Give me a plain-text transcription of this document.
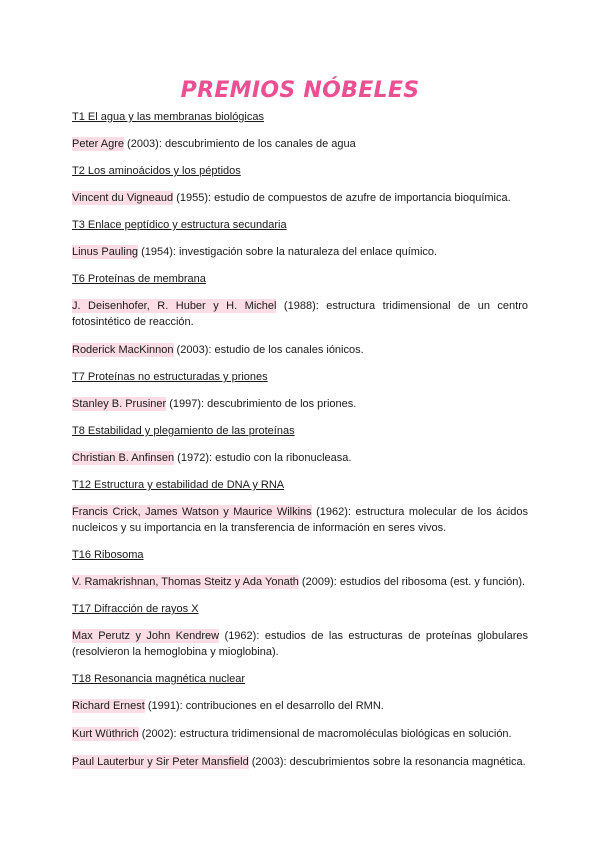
PREMIOS NÓBELES
T1 El agua y las membranas biológicas

Peter Agre (2003): descubrimiento de los canales de agua

T2 Los aminoácidos y los péptidos

Vincent du Vigneaud (1955): estudio de compuestos de azufre de importancia bioquímica.

T3 Enlace peptídico y estructura secundaria

Linus Pauling (1954): investigación sobre la naturaleza del enlace químico.

T6 Proteínas de membrana

J. Deisenhofer, R. Huber y H. Michel (1988): estructura tridimensional de un centro fotosintético de reacción.

Roderick MacKinnon (2003): estudio de los canales iónicos.

T7 Proteínas no estructuradas y priones

Stanley B. Prusiner (1997): descubrimiento de los priones.

T8 Estabilidad y plegamiento de las proteínas

Christian B. Anfinsen (1972): estudio con la ribonucleasa.

T12 Estructura y estabilidad de DNA y RNA

Francis Crick, James Watson y Maurice Wilkins (1962): estructura molecular de los ácidos nucleicos y su importancia en la transferencia de información en seres vivos.

T16 Ribosoma

V. Ramakrishnan, Thomas Steitz y Ada Yonath (2009): estudios del ribosoma (est. y función).

T17 Difracción de rayos X

Max Perutz y John Kendrew (1962): estudios de las estructuras de proteínas globulares (resolvieron la hemoglobina y mioglobina).

T18 Resonancia magnética nuclear

Richard Ernest (1991): contribuciones en el desarrollo del RMN.

Kurt Wüthrich (2002): estructura tridimensional de macromoléculas biológicas en solución.

Paul Lauterbur y Sir Peter Mansfield (2003): descubrimientos sobre la resonancia magnética.
